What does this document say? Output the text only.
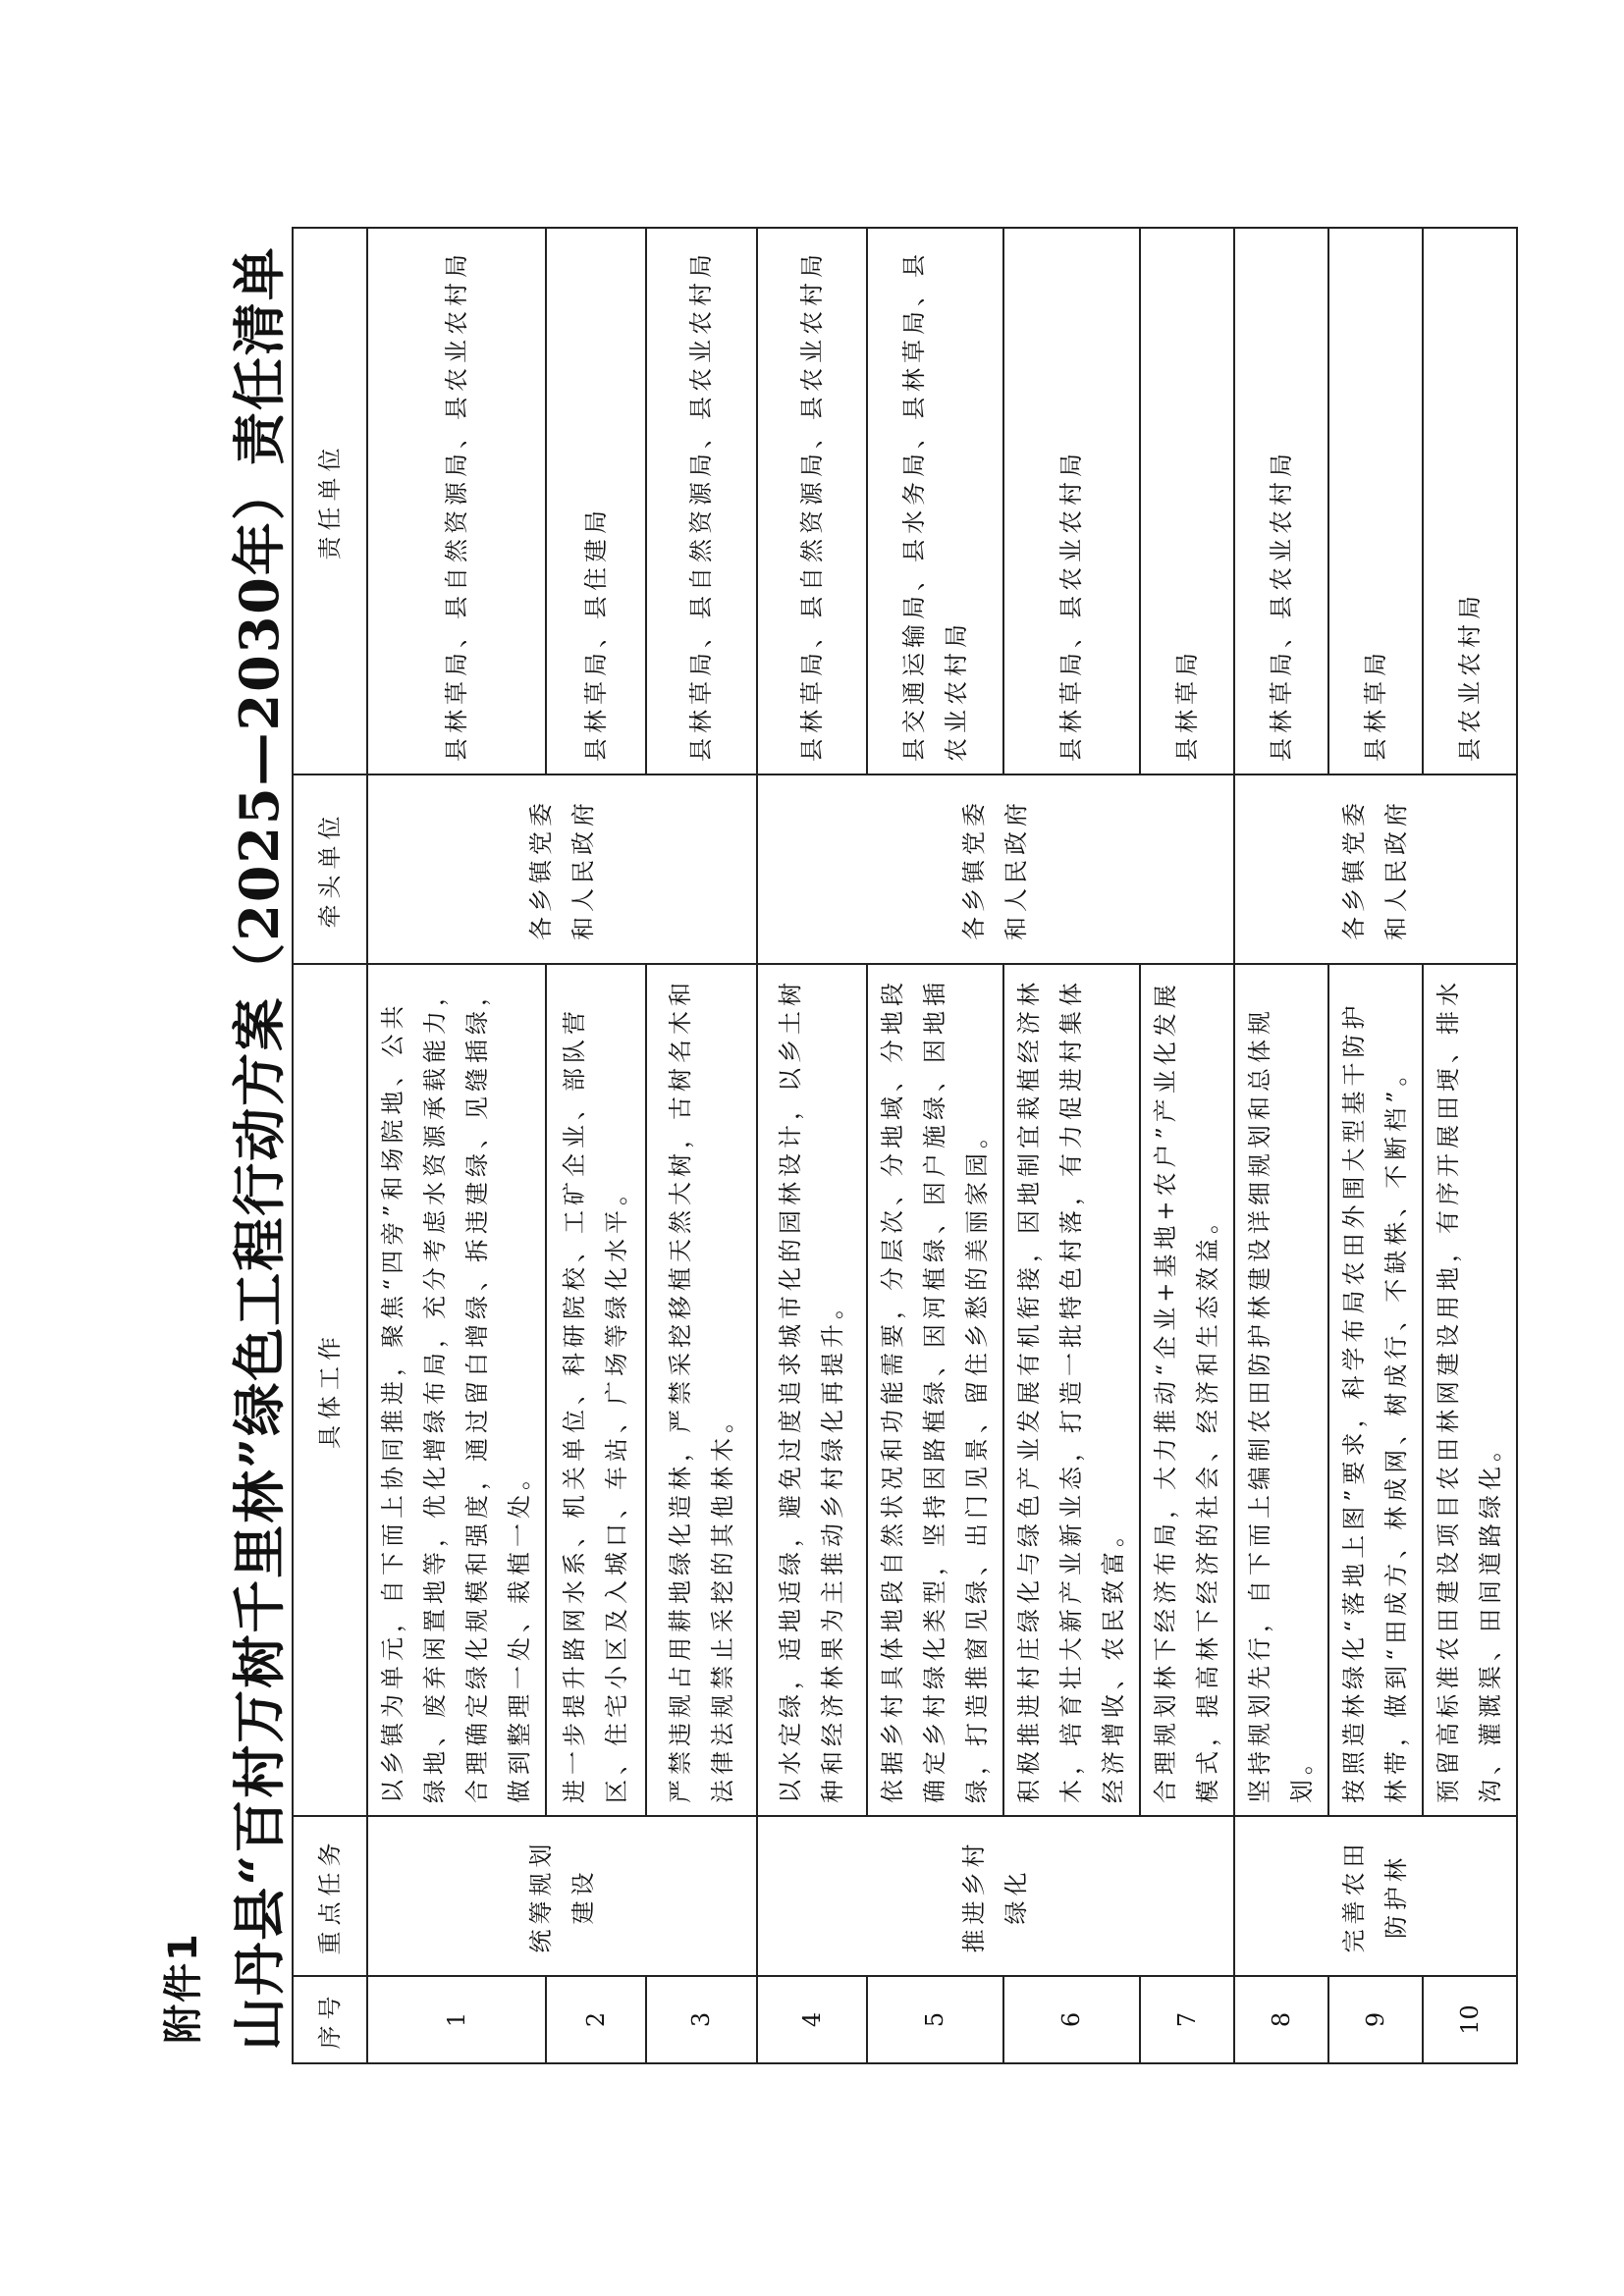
附件1 山丹县“百村万树千里林”绿色工程行动方案（2025—2030年）责任清单 序号	重点任务	具体工作	牵头单位	责任单位
1	统筹规划建设	以乡镇为单元，自下而上协同推进，聚焦“四旁”和场院地、公共绿地、废弃闲置地等，优化增绿布局，充分考虑水资源承载能力，合理确定绿化规模和强度，通过留白增绿、拆违建绿、见缝插绿，做到整理一处、栽植一处。	各乡镇党委和人民政府	县林草局、县自然资源局、县农业农村局
2		进一步提升路网水系、机关单位、科研院校、工矿企业、部队营区、住宅小区及入城口、车站、广场等绿化水平。		县林草局、县住建局
3		严禁违规占用耕地绿化造林，严禁采挖移植天然大树，古树名木和法律法规禁止采挖的其他林木。		县林草局、县自然资源局、县农业农村局
4	推进乡村绿化	以水定绿，适地适绿，避免过度追求城市化的园林设计，以乡土树种和经济林果为主推动乡村绿化再提升。	各乡镇党委和人民政府	县林草局、县自然资源局、县农业农村局
5		依据乡村具体地段自然状况和功能需要，分层次、分地域、分地段确定乡村绿化类型，坚持因路植绿、因河植绿、因户施绿、因地插绿，打造推窗见绿、出门见景、留住乡愁的美丽家园。		县交通运输局、县水务局、县林草局、县农业农村局
6		积极推进村庄绿化与绿色产业发展有机衔接，因地制宜栽植经济林木，培育壮大新产业新业态，打造一批特色村落，有力促进村集体经济增收、农民致富。		县林草局、县农业农村局
7		合理规划林下经济布局，大力推动“企业+基地+农户”产业化发展模式，提高林下经济的社会、经济和生态效益。		县林草局
8	完善农田防护林	坚持规划先行，自下而上编制农田防护林建设详细规划和总体规划。	各乡镇党委和人民政府	县林草局、县农业农村局
9		按照造林绿化“落地上图”要求，科学布局农田外围大型基干防护林带，做到“田成方、林成网、树成行、不缺株、不断档”。		县林草局
10		预留高标准农田建设项目农田林网建设用地，有序开展田埂、排水沟、灌溉渠、田间道路绿化。		县农业农村局
